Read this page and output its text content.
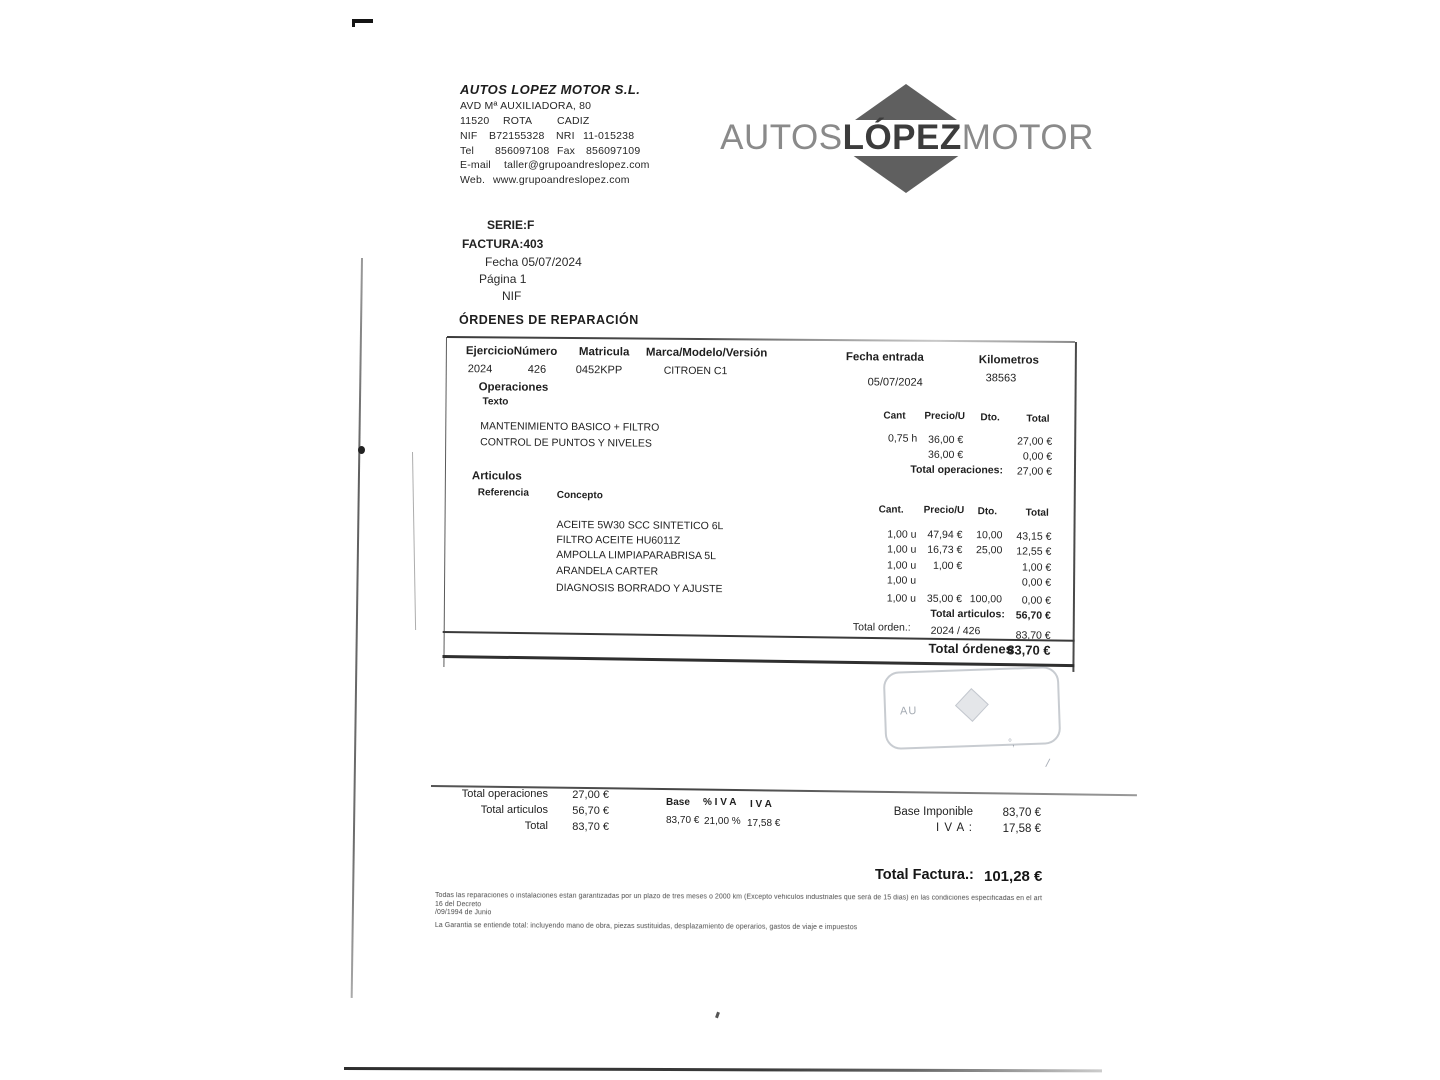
AUTOS LOPEZ MOTOR S.L.
AVD Mª AUXILIADORA, 80
11520 ROTA CADIZ
NIF B72155328 NRI 11-015238
Tel 856097108 Fax 856097109
E-mail taller@grupoandreslopez.com
Web. www.grupoandreslopez.com
AUTOS LÓPEZ MOTOR
SERIE:F
FACTURA:403
Fecha 05/07/2024
Página 1
NIF
ÓRDENES DE REPARACIÓN
EjercicioNúmero Matricula Marca/Modelo/Versión	Fecha entrada	Kilometros
2024	426	0452KPP	CITROEN C1
05/07/2024	38563
Operaciones
Texto
Cant Precio/U Dto.	Total
MANTENIMIENTO BASICO + FILTRO
0,75 h	36,00 €	27,00 €
CONTROL DE PUNTOS Y NIVELES
36,00 €	0,00 €
Total operaciones:	27,00 €
Articulos
Referencia	Concepto
Cant. Precio/U Dto.	Total
ACEITE 5W30 SCC SINTETICO 6L
1,00 u	47,94 €	10,00	43,15 €
FILTRO ACEITE HU6011Z
1,00 u	16,73 €	25,00	12,55 €
AMPOLLA LIMPIAPARABRISA 5L
1,00 u	1,00 €	1,00 €
ARANDELA CARTER
1,00 u	0,00 €
DIAGNOSIS BORRADO Y AJUSTE
1,00 u	35,00 € 100,00	0,00 €
Total articulos:	56,70 €
Total orden.: 2024 / 426	83,70 €
Total órdenes
83,70 €
AU
°,
/
Total operaciones	27,00 €
Total articulos	56,70 €
Total	83,70 €
Base % I V A I V A
83,70 € 21,00 % 17,58 €
Base Imponible	83,70 €
I V A :	17,58 €
Total Factura.: 101,28 €
Todas las reparaciones o instalaciones estan garantizadas por un plazo de tres meses o 2000 km (Excepto vehiculos industriales que será de 15 dias) en las condiciones especificadas en el art
16 del Decreto
/09/1994 de Junio
La Garantia se entiende total: incluyendo mano de obra, piezas sustituidas, desplazamiento de operarios, gastos de viaje e impuestos
